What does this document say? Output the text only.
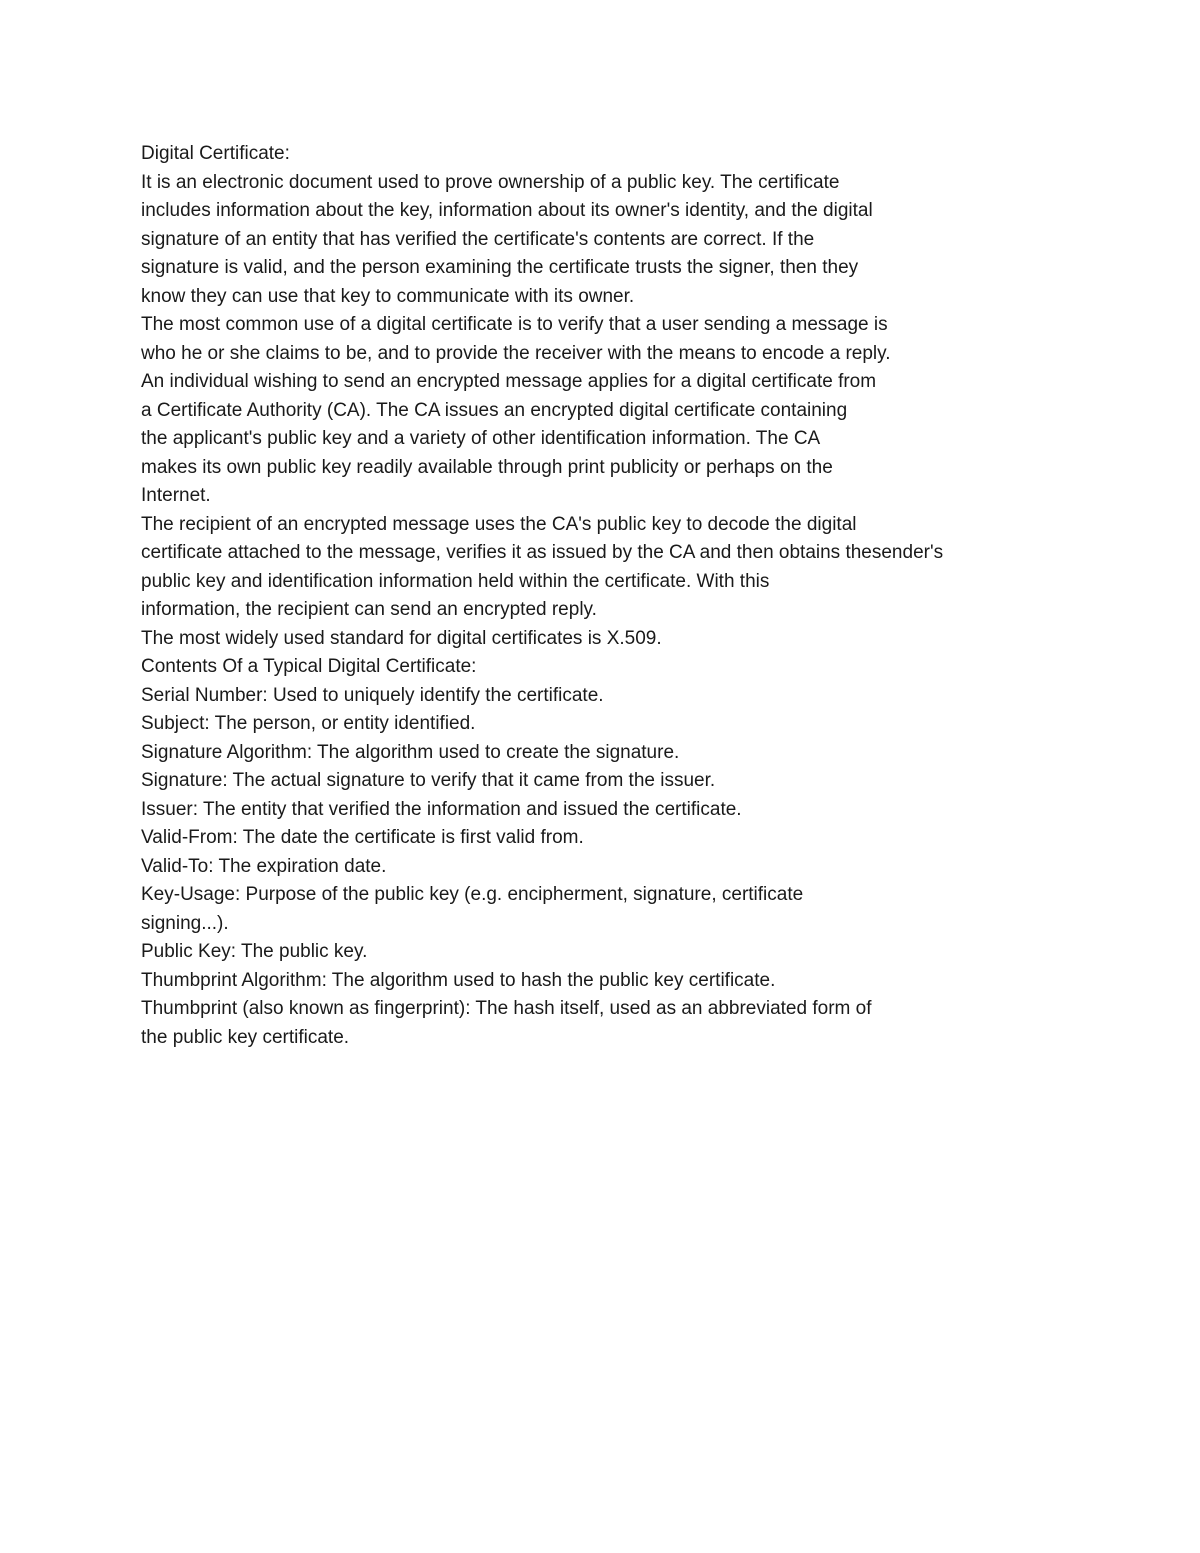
Digital Certificate:
It is an electronic document used to prove ownership of a public key. The certificate
includes information about the key, information about its owner's identity, and the digital
signature of an entity that has verified the certificate's contents are correct. If the
signature is valid, and the person examining the certificate trusts the signer, then they
know they can use that key to communicate with its owner.
The most common use of a digital certificate is to verify that a user sending a message is
who he or she claims to be, and to provide the receiver with the means to encode a reply.
An individual wishing to send an encrypted message applies for a digital certificate from
a Certificate Authority (CA). The CA issues an encrypted digital certificate containing
the applicant's public key and a variety of other identification information. The CA
makes its own public key readily available through print publicity or perhaps on the
Internet.
The recipient of an encrypted message uses the CA's public key to decode the digital
certificate attached to the message, verifies it as issued by the CA and then obtains thesender's
public key and identification information held within the certificate. With this
information, the recipient can send an encrypted reply.
The most widely used standard for digital certificates is X.509.
Contents Of a Typical Digital Certificate:
Serial Number: Used to uniquely identify the certificate.
Subject: The person, or entity identified.
Signature Algorithm: The algorithm used to create the signature.
Signature: The actual signature to verify that it came from the issuer.
Issuer: The entity that verified the information and issued the certificate.
Valid-From: The date the certificate is first valid from.
Valid-To: The expiration date.
Key-Usage: Purpose of the public key (e.g. encipherment, signature, certificate
signing...).
Public Key: The public key.
Thumbprint Algorithm: The algorithm used to hash the public key certificate.
Thumbprint (also known as fingerprint): The hash itself, used as an abbreviated form of
the public key certificate.
